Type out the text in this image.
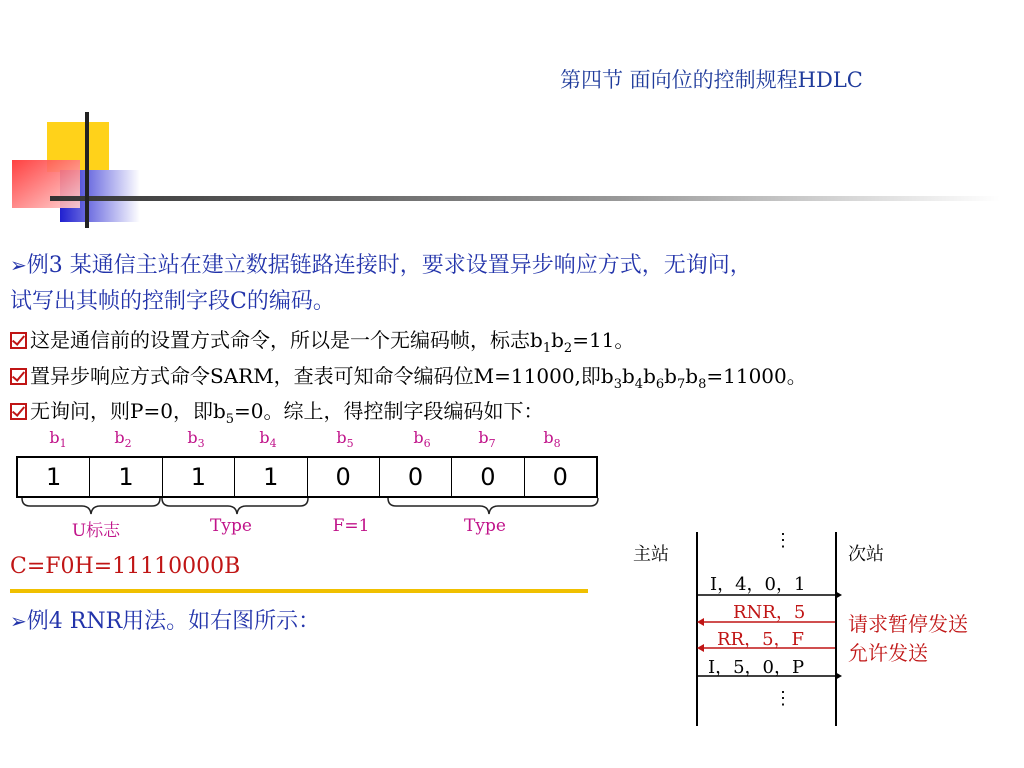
第四节 面向位的控制规程HDLC
➢例3 某通信主站在建立数据链路连接时，要求设置异步响应方式，无询问，
试写出其帧的控制字段C的编码。
这是通信前的设置方式命令，所以是一个无编码帧，标志$b_1b_2=11$。
置异步响应方式命令SARM，查表可知命令编码位M=11000,即$b_3b_4b_6b_7b_8=11000$。
无询问，则P=0，即$b_5=0$。综上，得控制字段编码如下：
$b_1$	$b_2$	$b_3$	$b_4$	$b_5$	$b_6$	$b_7$	$b_8$
1	1	1	1	0	0	0	0
U标志	Type	F=1	Type
C=F0H=11110000B
➢例4 RNR用法。如右图所示：
主站	次站
⋮
⋮
I，4，0，1
RNR，5
RR，5，F
I，5，0，P
请求暂停发送
允许发送
